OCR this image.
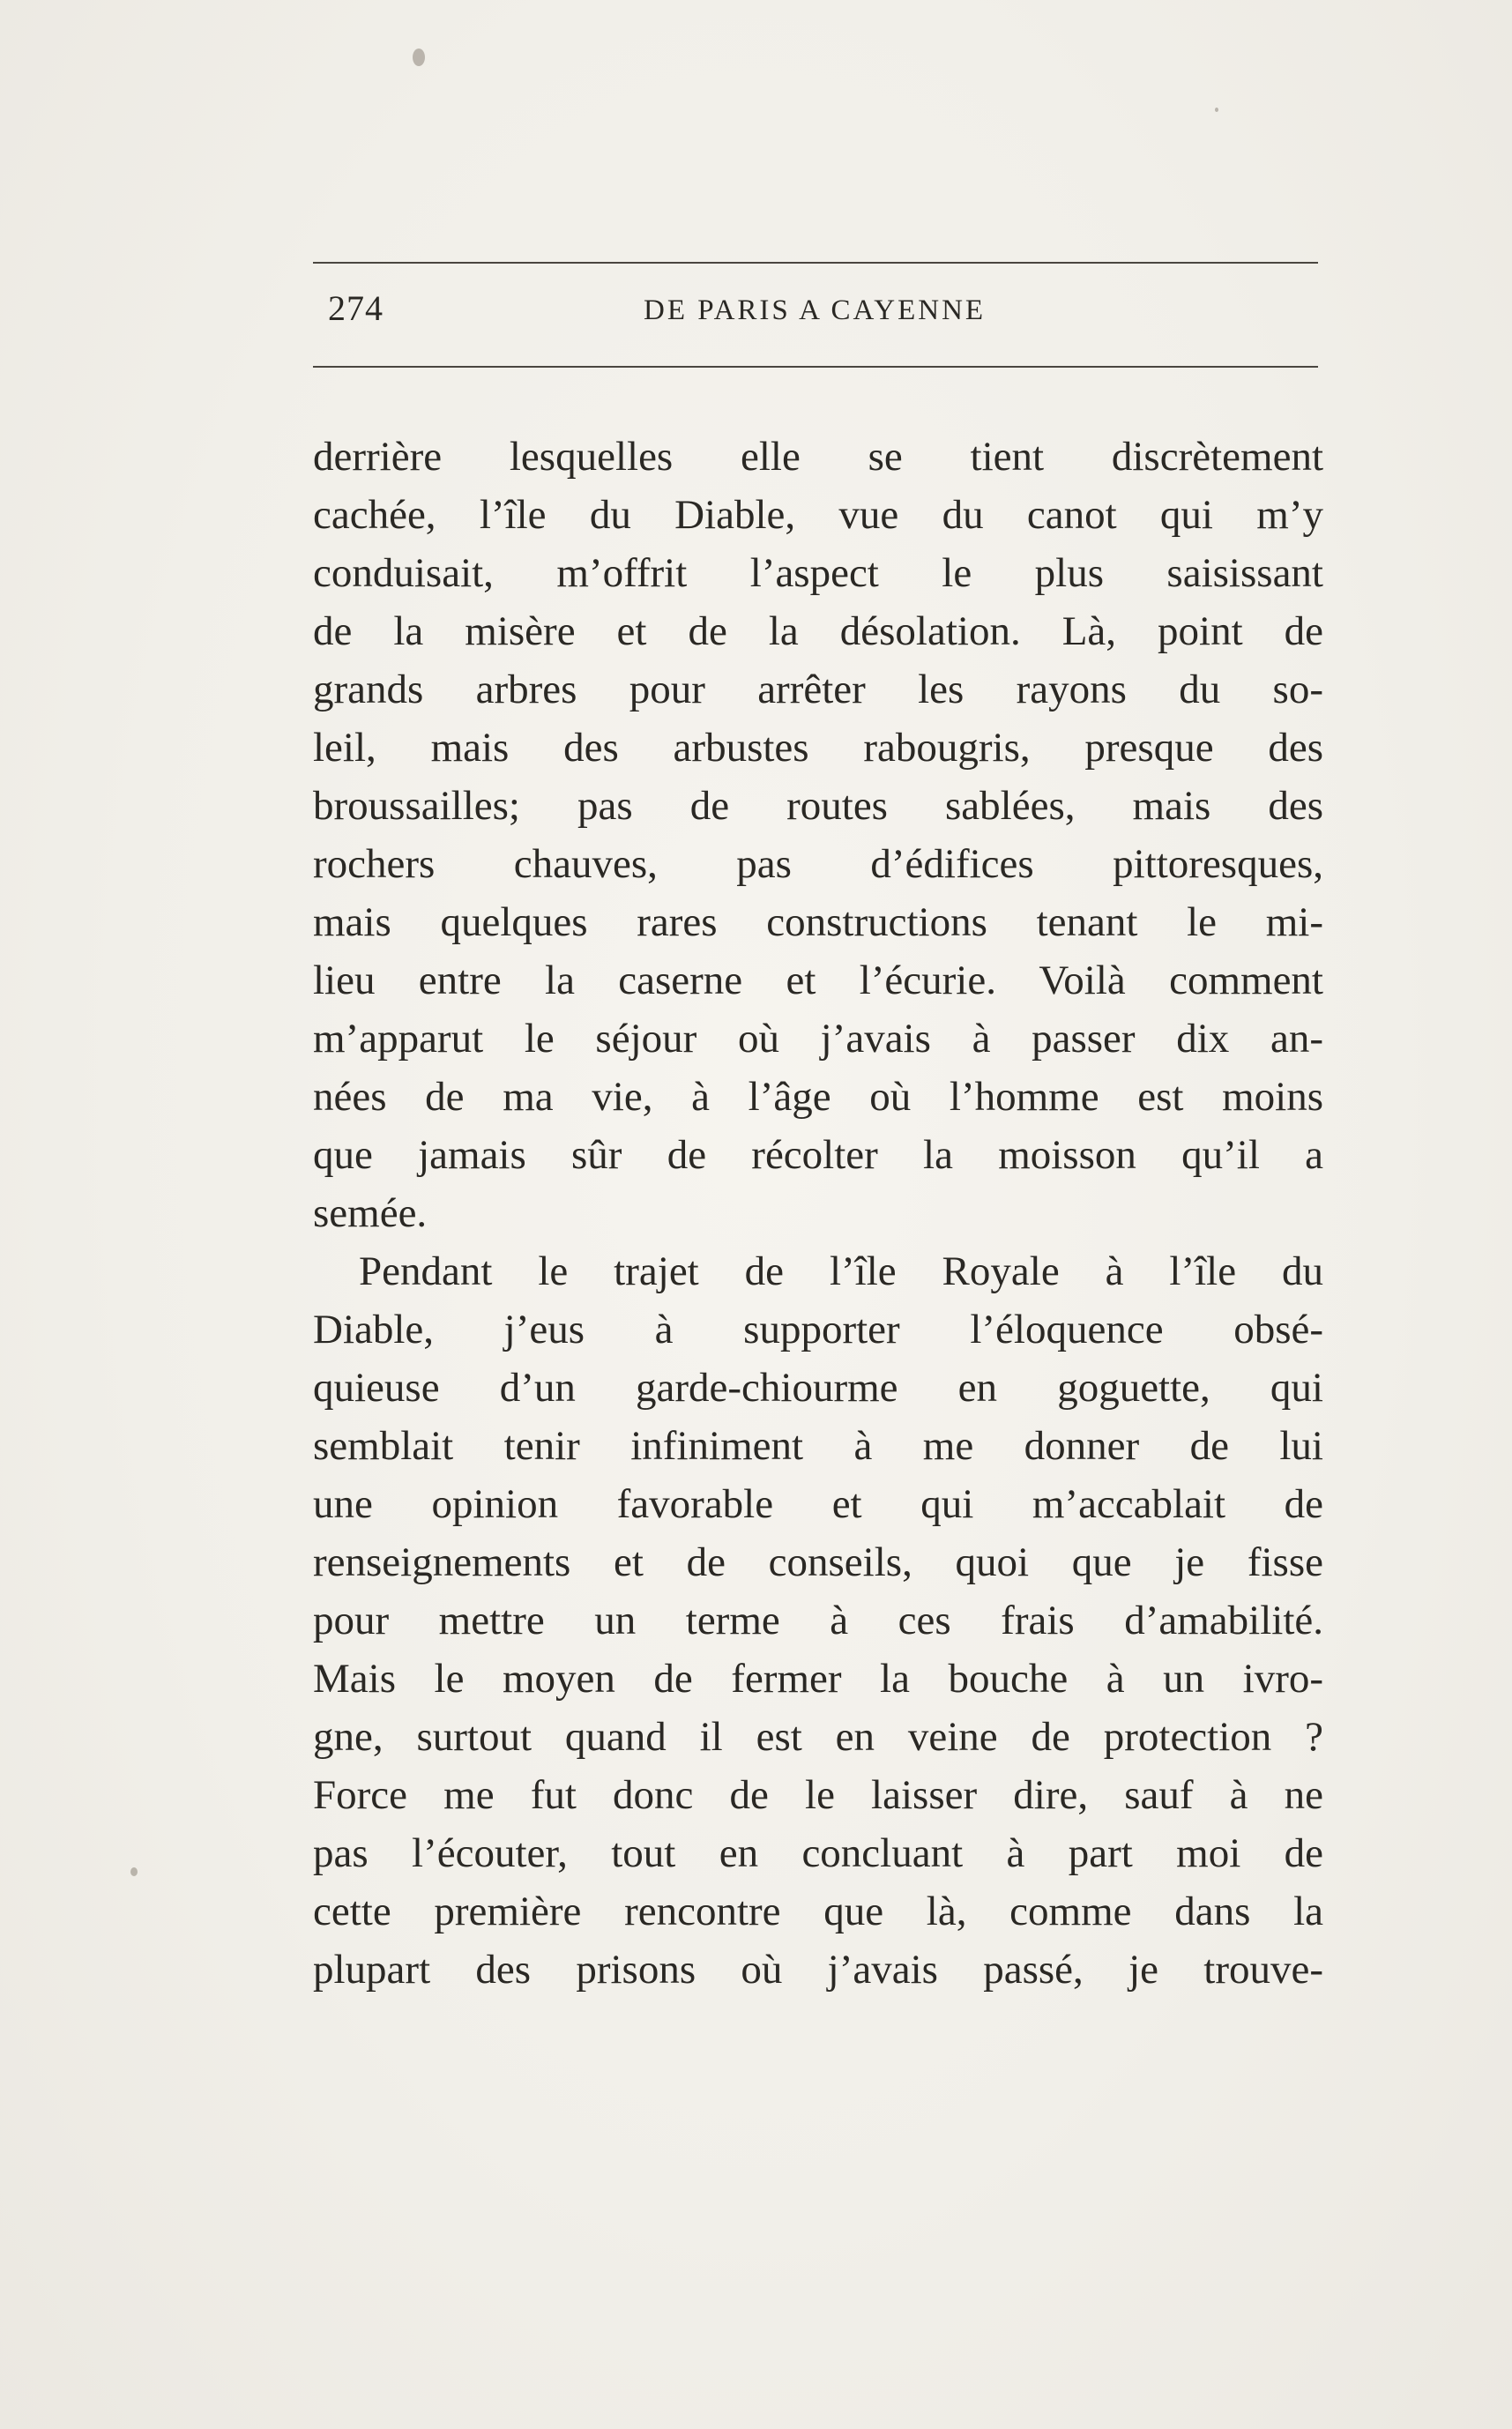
274	DE PARIS A CAYENNE
derrière lesquelles elle se tient discrètement
cachée, l’île du Diable, vue du canot qui m’y
conduisait, m’offrit l’aspect le plus saisissant
de la misère et de la désolation. Là, point de
grands arbres pour arrêter les rayons du so-
leil, mais des arbustes rabougris, presque des
broussailles; pas de routes sablées, mais des
rochers chauves, pas d’édifices pittoresques,
mais quelques rares constructions tenant le mi-
lieu entre la caserne et l’écurie. Voilà comment
m’apparut le séjour où j’avais à passer dix an-
nées de ma vie, à l’âge où l’homme est moins
que jamais sûr de récolter la moisson qu’il a
semée.
Pendant le trajet de l’île Royale à l’île du
Diable, j’eus à supporter l’éloquence obsé-
quieuse d’un garde-chiourme en goguette, qui
semblait tenir infiniment à me donner de lui
une opinion favorable et qui m’accablait de
renseignements et de conseils, quoi que je fisse
pour mettre un terme à ces frais d’amabilité.
Mais le moyen de fermer la bouche à un ivro-
gne, surtout quand il est en veine de protection ?
Force me fut donc de le laisser dire, sauf à ne
pas l’écouter, tout en concluant à part moi de
cette première rencontre que là, comme dans la
plupart des prisons où j’avais passé, je trouve-
